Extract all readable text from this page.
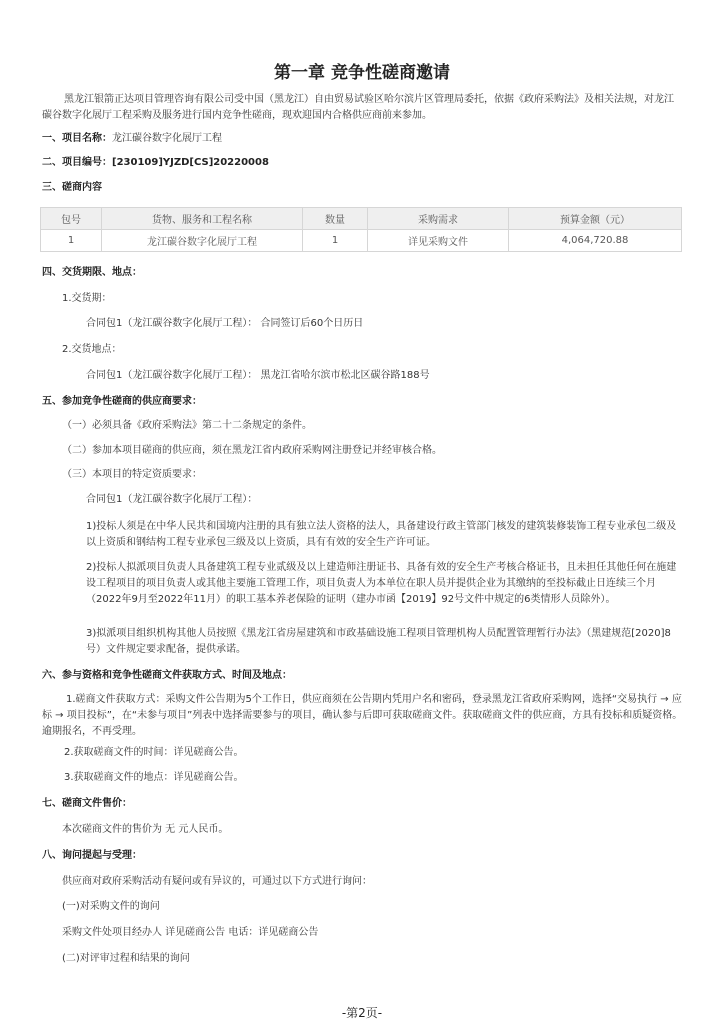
第一章 竞争性磋商邀请
黑龙江银箭正达项目管理咨询有限公司受中国（黑龙江）自由贸易试验区哈尔滨片区管理局委托，依据《政府采购法》及相关法规，对龙江碳谷数字化展厅工程采购及服务进行国内竞争性磋商，现欢迎国内合格供应商前来参加。
一、项目名称：龙江碳谷数字化展厅工程
二、项目编号：[230109]YJZD[CS]20220008
三、磋商内容
包号	货物、服务和工程名称	数量	采购需求	预算金额（元）
1	龙江碳谷数字化展厅工程	1	详见采购文件	4,064,720.88
四、交货期限、地点：
1.交货期：
合同包1（龙江碳谷数字化展厅工程）： 合同签订后60个日历日
2.交货地点：
合同包1（龙江碳谷数字化展厅工程）： 黑龙江省哈尔滨市松北区碳谷路188号
五、参加竞争性磋商的供应商要求：
（一）必须具备《政府采购法》第二十二条规定的条件。
（二）参加本项目磋商的供应商，须在黑龙江省内政府采购网注册登记并经审核合格。
（三）本项目的特定资质要求：
合同包1（龙江碳谷数字化展厅工程）：
1)投标人须是在中华人民共和国境内注册的具有独立法人资格的法人，具备建设行政主管部门核发的建筑装修装饰工程专业承包二级及以上资质和钢结构工程专业承包三级及以上资质，具有有效的安全生产许可证。
2)投标人拟派项目负责人具备建筑工程专业贰级及以上建造师注册证书、具备有效的安全生产考核合格证书，且未担任其他任何在施建设工程项目的项目负责人或其他主要施工管理工作，项目负责人为本单位在职人员并提供企业为其缴纳的至投标截止日连续三个月（2022年9月至2022年11月）的职工基本养老保险的证明（建办市函【2019】92号文件中规定的6类情形人员除外）。
3)拟派项目组织机构其他人员按照《黑龙江省房屋建筑和市政基础设施工程项目管理机构人员配置管理暂行办法》（黑建规范[2020]8 号）文件规定要求配备，提供承诺。
六、参与资格和竞争性磋商文件获取方式、时间及地点：
1.磋商文件获取方式：采购文件公告期为5个工作日，供应商须在公告期内凭用户名和密码，登录黑龙江省政府采购网，选择“交易执行 → 应标 → 项目投标”，在“未参与项目”列表中选择需要参与的项目，确认参与后即可获取磋商文件。获取磋商文件的供应商，方具有投标和质疑资格。逾期报名，不再受理。
2.获取磋商文件的时间：详见磋商公告。
3.获取磋商文件的地点：详见磋商公告。
七、磋商文件售价：
本次磋商文件的售价为 无 元人民币。
八、询问提起与受理：
供应商对政府采购活动有疑问或有异议的，可通过以下方式进行询问：
(一)对采购文件的询问
采购文件处项目经办人 详见磋商公告 电话：详见磋商公告
(二)对评审过程和结果的询问
-第2页-
